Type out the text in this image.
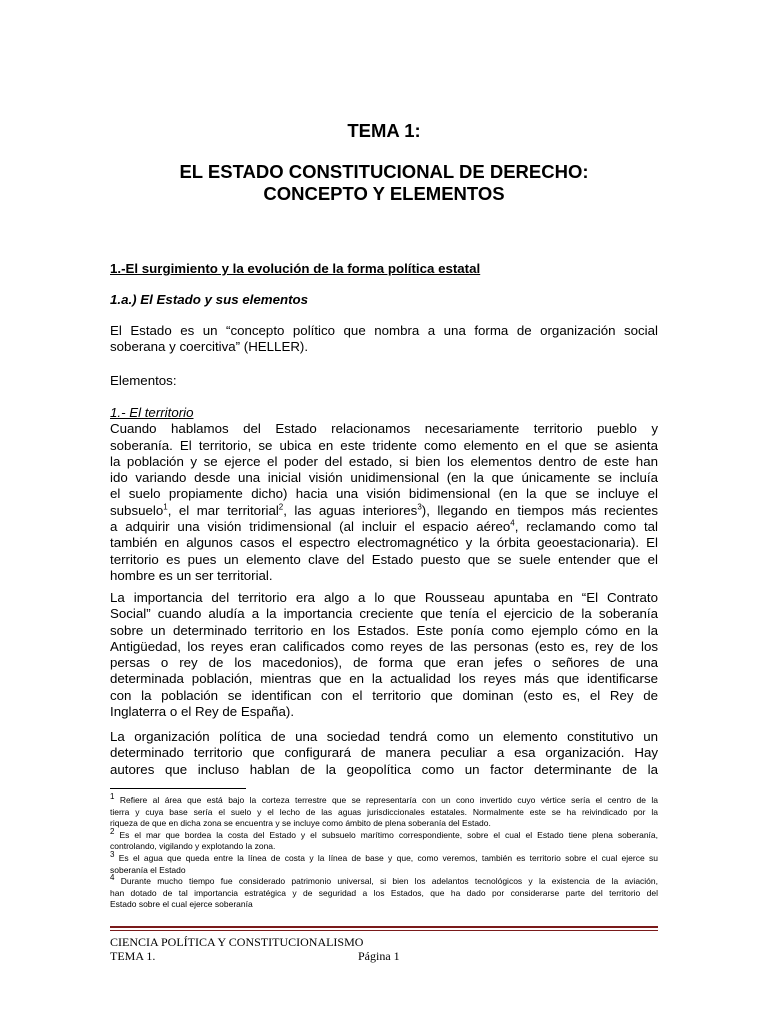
TEMA 1:
EL ESTADO CONSTITUCIONAL DE DERECHO:
CONCEPTO Y ELEMENTOS

1.-El surgimiento y la evolución de la forma política estatal

1.a.) El Estado y sus elementos

El Estado es un “concepto político que nombra a una forma de organización social
soberana y coercitiva” (HELLER).

Elementos:

1.- El territorio
Cuando hablamos del Estado relacionamos necesariamente territorio pueblo y
soberanía. El territorio, se ubica en este tridente como elemento en el que se asienta
la población y se ejerce el poder del estado, si bien los elementos dentro de este han
ido variando desde una inicial visión unidimensional (en la que únicamente se incluía
el suelo propiamente dicho) hacia una visión bidimensional (en la que se incluye el
subsuelo$^1$, el mar territorial$^2$, las aguas interiores$^3$), llegando en tiempos más recientes
a adquirir una visión tridimensional (al incluir el espacio aéreo$^4$, reclamando como tal
también en algunos casos el espectro electromagnético y la órbita geoestacionaria). El
territorio es pues un elemento clave del Estado puesto que se suele entender que el
hombre es un ser territorial.
La importancia del territorio era algo a lo que Rousseau apuntaba en “El Contrato
Social” cuando aludía a la importancia creciente que tenía el ejercicio de la soberanía
sobre un determinado territorio en los Estados. Este ponía como ejemplo cómo en la
Antigüedad, los reyes eran calificados como reyes de las personas (esto es, rey de los
persas o rey de los macedonios), de forma que eran jefes o señores de una
determinada población, mientras que en la actualidad los reyes más que identificarse
con la población se identifican con el territorio que dominan (esto es, el Rey de
Inglaterra o el Rey de España).
La organización política de una sociedad tendrá como un elemento constitutivo un
determinado territorio que configurará de manera peculiar a esa organización. Hay
autores que incluso hablan de la geopolítica como un factor determinante de la
$^1$ Refiere al área que está bajo la corteza terrestre que se representaría con un cono invertido cuyo vértice sería el centro de la
tierra y cuya base sería el suelo y el lecho de las aguas jurisdiccionales estatales. Normalmente este se ha reivindicado por la
riqueza de que en dicha zona se encuentra y se incluye como ámbito de plena soberanía del Estado.
$^2$ Es el mar que bordea la costa del Estado y el subsuelo marítimo correspondiente, sobre el cual el Estado tiene plena soberanía,
controlando, vigilando y explotando la zona.
$^3$ Es el agua que queda entre la línea de costa y la línea de base y que, como veremos, también es territorio sobre el cual ejerce su
soberanía el Estado
$^4$ Durante mucho tiempo fue considerado patrimonio universal, si bien los adelantos tecnológicos y la existencia de la aviación,
han dotado de tal importancia estratégica y de seguridad a los Estados, que ha dado por considerarse parte del territorio del
Estado sobre el cual ejerce soberanía

CIENCIA POLÍTICA Y CONSTITUCIONALISMO

TEMA 1.	Página 1
